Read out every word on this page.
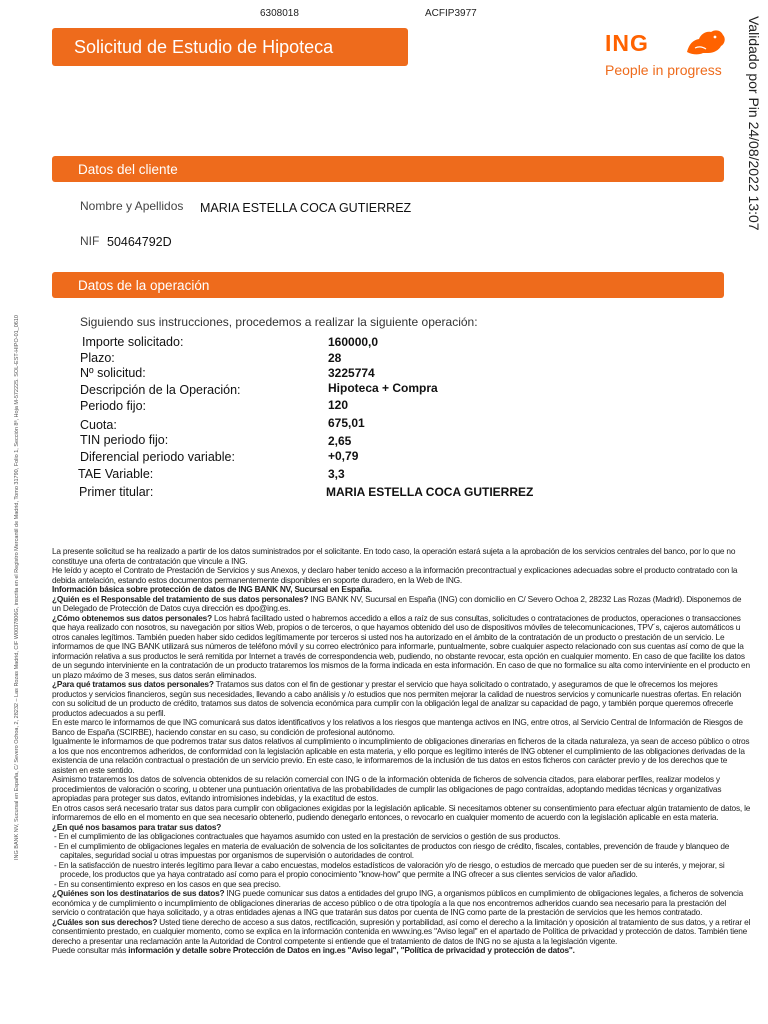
6308018	ACFIP3977
Solicitud de Estudio de Hipoteca	ING
People in progress Validado por Pin 24/08/2022 13:07
ING BANK NV, Sucursal en España, C/ Severo Ochoa, 2, 28232 – Las Rozas Madrid, CIF W0037806G, inscrita en el Registro Mercantil de Madrid, Tomo 31790, Folio 1, Sección 8ª, Hoja M-572225. SOL-EST-HIPO-01_0610
Datos del cliente
Nombre y Apellidos MARIA ESTELLA COCA GUTIERREZ
NIF 50464792D
Datos de la operación
Siguiendo sus instrucciones, procedemos a realizar la siguiente operación:
Importe solicitado:	160000,0
Plazo:	28
Nº solicitud:	3225774
Descripción de la Operación:	Hipoteca + Compra
Periodo fijo:	120
Cuota:	675,01
TIN periodo fijo:	2,65
Diferencial periodo variable:	+0,79
TAE Variable:	3,3
Primer titular:	MARIA ESTELLA COCA GUTIERREZ

La presente solicitud se ha realizado a partir de los datos suministrados por el solicitante. En todo caso, la operación estará sujeta a la aprobación de los servicios centrales del banco, por lo que no constituye una oferta de contratación que vincule a ING.

He leído y acepto el Contrato de Prestación de Servicios y sus Anexos, y declaro haber tenido acceso a la información precontractual y explicaciones adecuadas sobre el producto contratado con la debida antelación, estando estos documentos permanentemente disponibles en soporte duradero, en la Web de ING.

Información básica sobre protección de datos de ING BANK NV, Sucursal en España.

¿Quién es el Responsable del tratamiento de sus datos personales? ING BANK NV, Sucursal en España (ING) con domicilio en C/ Severo Ochoa 2, 28232 Las Rozas (Madrid). Disponemos de un Delegado de Protección de Datos cuya dirección es dpo@ing.es.

¿Cómo obtenemos sus datos personales? Los habrá facilitado usted o habremos accedido a ellos a raíz de sus consultas, solicitudes o contrataciones de productos, operaciones o transacciones que haya realizado con nosotros, su navegación por sitios Web, propios o de terceros, o que hayamos obtenido del uso de dispositivos móviles de telecomunicaciones, TPV´s, cajeros automáticos u otros canales legítimos. También pueden haber sido cedidos legítimamente por terceros si usted nos ha autorizado en el ámbito de la contratación de un producto o prestación de un servicio. Le informamos de que ING BANK utilizará sus números de teléfono móvil y su correo electrónico para informarle, puntualmente, sobre cualquier aspecto relacionado con sus cuentas así como de que la información relativa a sus productos le será remitida por Internet a través de correspondencia web, pudiendo, no obstante revocar, esta opción en cualquier momento. En caso de que facilite los datos de un segundo interviniente en la contratación de un producto trataremos los mismos de la forma indicada en esta información. En caso de que no formalice su alta como interviniente en el producto en un plazo máximo de 3 meses, sus datos serán eliminados.

¿Para qué tratamos sus datos personales? Tratamos sus datos con el fin de gestionar y prestar el servicio que haya solicitado o contratado, y aseguramos de que le ofrecemos los mejores productos y servicios financieros, según sus necesidades, llevando a cabo análisis y /o estudios que nos permiten mejorar la calidad de nuestros servicios y comunicarle nuestras ofertas. En relación con su solicitud de un producto de crédito, tratamos sus datos de solvencia económica para cumplir con la obligación legal de analizar su capacidad de pago, y también porque queremos ofrecerle productos adecuados a su perfil.

En este marco le informamos de que ING comunicará sus datos identificativos y los relativos a los riesgos que mantenga activos en ING, entre otros, al Servicio Central de Información de Riesgos de Banco de España (SCIRBE), haciendo constar en su caso, su condición de profesional autónomo.

Igualmente le informamos de que podremos tratar sus datos relativos al cumplimiento o incumplimiento de obligaciones dinerarias en ficheros de la citada naturaleza, ya sean de acceso público o otros a los que nos encontremos adheridos, de conformidad con la legislación aplicable en esta materia, y ello porque es legítimo interés de ING obtener el cumplimiento de las obligaciones derivadas de la existencia de una relación contractual o prestación de un servicio previo. En este caso, le informaremos de la inclusión de tus datos en estos ficheros con carácter previo y de los derechos que te asisten en este sentido.

Asimismo trataremos los datos de solvencia obtenidos de su relación comercial con ING o de la información obtenida de ficheros de solvencia citados, para elaborar perfiles, realizar modelos y procedimientos de valoración o scoring, u obtener una puntuación orientativa de las probabilidades de cumplir las obligaciones de pago contraídas, adoptando medidas técnicas y organizativas apropiadas para proteger sus datos, evitando intromisiones indebidas, y la exactitud de estos.

En otros casos será necesario tratar sus datos para cumplir con obligaciones exigidas por la legislación aplicable. Si necesitamos obtener su consentimiento para efectuar algún tratamiento de datos, le informaremos de ello en el momento en que sea necesario obtenerlo, pudiendo denegarlo entonces, o revocarlo en cualquier momento de acuerdo con la legislación aplicable en esta materia.

¿En qué nos basamos para tratar sus datos?

- En el cumplimiento de las obligaciones contractuales que hayamos asumido con usted en la prestación de servicios o gestión de sus productos.
- En el cumplimiento de obligaciones legales en materia de evaluación de solvencia de los solicitantes de productos con riesgo de crédito, fiscales, contables, prevención de fraude y blanqueo de capitales, seguridad social u otras impuestas por organismos de supervisión o autoridades de control.
- En la satisfacción de nuestro interés legítimo para llevar a cabo encuestas, modelos estadísticos de valoración y/o de riesgo, o estudios de mercado que pueden ser de su interés, y mejorar, si procede, los productos que ya haya contratado así como para el propio conocimiento "know-how" que permite a ING ofrecer a sus clientes servicios de valor añadido.
- En su consentimiento expreso en los casos en que sea preciso.

¿Quiénes son los destinatarios de sus datos? ING puede comunicar sus datos a entidades del grupo ING, a organismos públicos en cumplimiento de obligaciones legales, a ficheros de solvencia económica y de cumplimiento o incumplimiento de obligaciones dinerarias de acceso público o de otra tipología a la que nos encontremos adheridos cuando sea necesario para la prestación del servicio o contratación que haya solicitado, y a otras entidades ajenas a ING que tratarán sus datos por cuenta de ING como parte de la prestación de servicios que les hemos contratado.

¿Cuáles son sus derechos? Usted tiene derecho de acceso a sus datos, rectificación, supresión y portabilidad, así como el derecho a la limitación y oposición al tratamiento de sus datos, y a retirar el consentimiento prestado, en cualquier momento, como se explica en la información contenida en www.ing.es "Aviso legal" en el apartado de Política de privacidad y protección de datos. También tiene derecho a presentar una reclamación ante la Autoridad de Control competente si entiende que el tratamiento de datos de ING no se ajusta a la legislación vigente.

Puede consultar más información y detalle sobre Protección de Datos en ing.es "Aviso legal", "Política de privacidad y protección de datos".
